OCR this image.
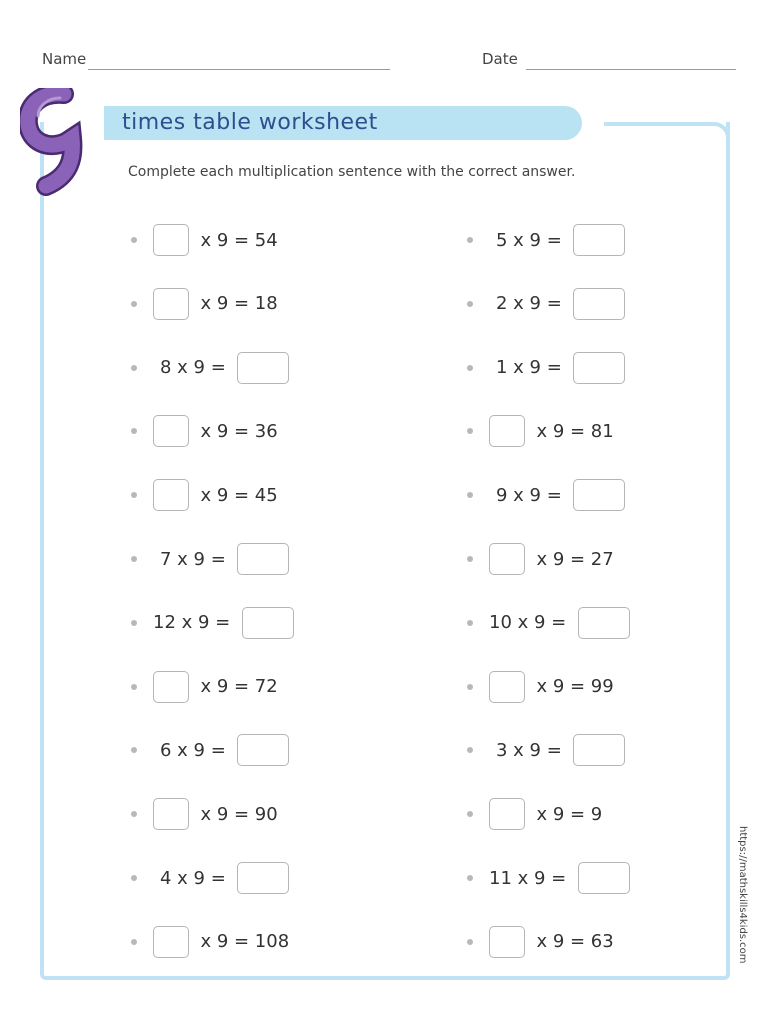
Name	Date
times table worksheet
Complete each multiplication sentence with the correct answer.
x 9 = 54
x 9 = 18
8 x 9 =
x 9 = 36
x 9 = 45
7 x 9 =
12 x 9 =
x 9 = 72
6 x 9 =
x 9 = 90
4 x 9 =
x 9 = 108
5 x 9 =
2 x 9 =
1 x 9 =
x 9 = 81
9 x 9 =
x 9 = 27
10 x 9 =
x 9 = 99
3 x 9 =
x 9 = 9
11 x 9 =
x 9 = 63	https://mathskills4kids.com
